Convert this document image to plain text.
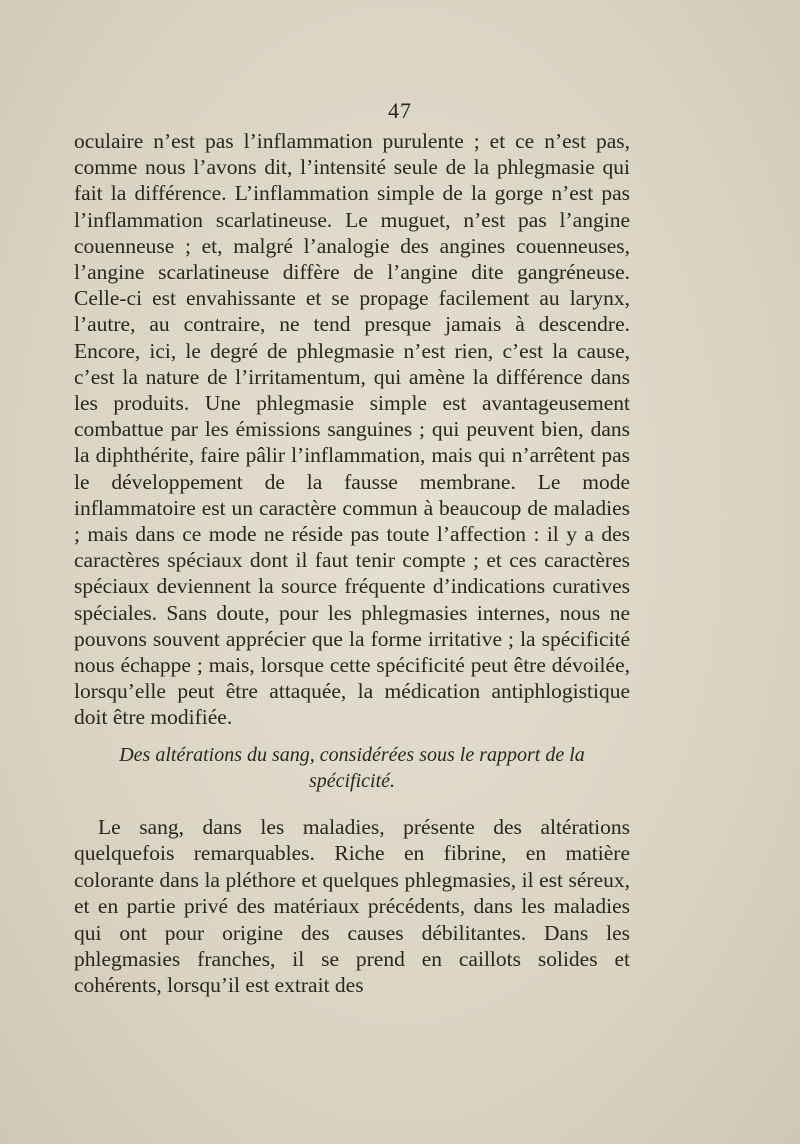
47

oculaire n’est pas l’inflammation purulente ; et ce n’est pas, comme nous l’avons dit, l’intensité seule de la phlegmasie qui fait la différence. L’inflammation simple de la gorge n’est pas l’inflammation scarlatineuse. Le muguet, n’est pas l’angine couenneuse ; et, malgré l’analogie des angines couenneuses, l’angine scarlatineuse diffère de l’angine dite gangréneuse. Celle-ci est envahissante et se propage facilement au larynx, l’autre, au contraire, ne tend presque jamais à descendre. Encore, ici, le degré de phlegmasie n’est rien, c’est la cause, c’est la nature de l’irritamentum, qui amène la différence dans les produits. Une phlegmasie simple est avantageusement combattue par les émissions sanguines ; qui peuvent bien, dans la diphthérite, faire pâlir l’inflammation, mais qui n’arrêtent pas le développement de la fausse membrane. Le mode inflammatoire est un caractère commun à beaucoup de maladies ; mais dans ce mode ne réside pas toute l’affection : il y a des caractères spéciaux dont il faut tenir compte ; et ces caractères spéciaux deviennent la source fréquente d’indications curatives spéciales. Sans doute, pour les phlegmasies internes, nous ne pouvons souvent apprécier que la forme irritative ; la spécificité nous échappe ; mais, lorsque cette spécificité peut être dévoilée, lorsqu’elle peut être attaquée, la médication antiphlogistique doit être modifiée.

Des altérations du sang, considérées sous le rapport de la spécificité.

Le sang, dans les maladies, présente des altérations quelquefois remarquables. Riche en fibrine, en matière colorante dans la pléthore et quelques phlegmasies, il est séreux, et en partie privé des matériaux précédents, dans les maladies qui ont pour origine des causes débilitantes. Dans les phlegmasies franches, il se prend en caillots solides et cohérents, lorsqu’il est extrait des
